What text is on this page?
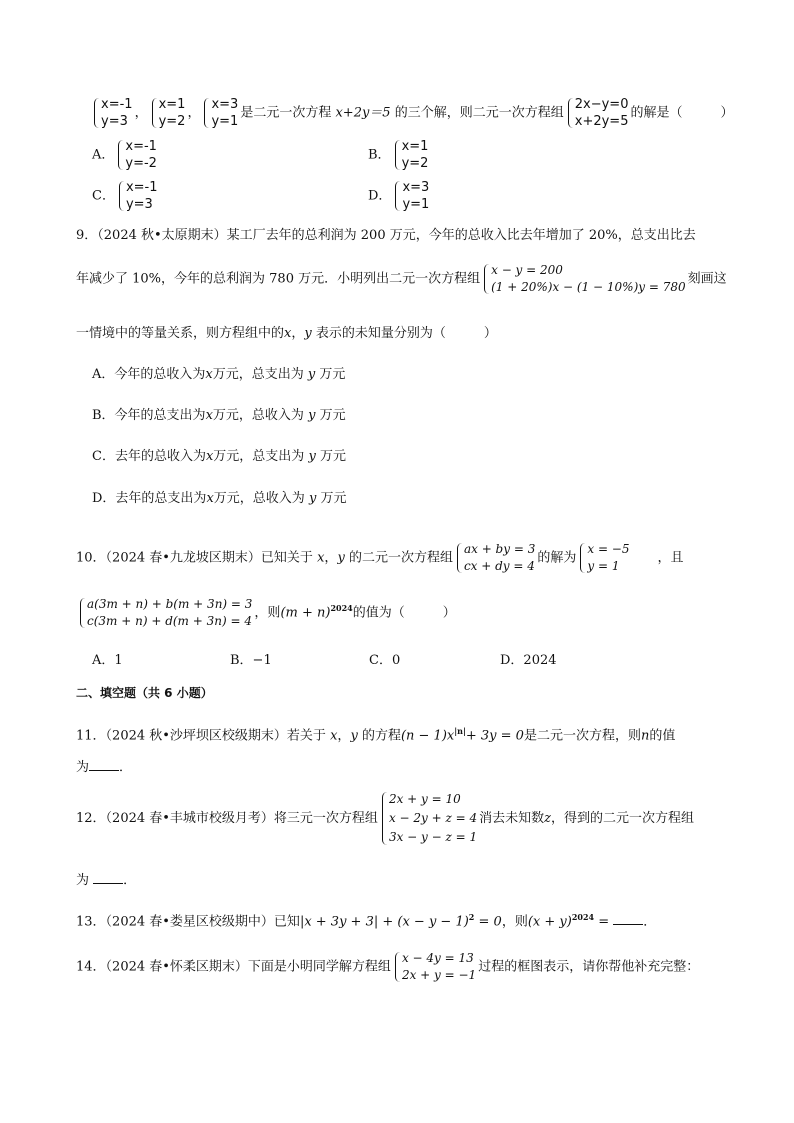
x=-1
y=3
，
x=1
y=2
，
x=3
y=1
是二元一次方程 x+2y＝5 的三个解，则二元一次方程组
2x−y=0
x+2y=5
的解是（	）
A．
x=-1
y=-2
B．
x=1
y=2
C．
x=-1
y=3
D．
x=3
y=1
9．（2024 秋•太原期末）某工厂去年的总利润为 200 万元，今年的总收入比去年增加了 20%，总支出比去
年减少了 10%，今年的总利润为 780 万元．小明列出二元一次方程组
x − y = 200
(1 + 20%)x − (1 − 10%)y = 780
刻画这
一情境中的等量关系，则方程组中的x，y 表示的未知量分别为（	）
A．今年的总收入为x万元，总支出为 y 万元
B．今年的总支出为x万元，总收入为 y 万元
C．去年的总收入为x万元，总支出为 y 万元
D．去年的总支出为x万元，总收入为 y 万元
10．（2024 春•九龙坡区期末）已知关于 x，y 的二元一次方程组
ax + by = 3
cx + dy = 4
的解为
x = −5
y = 1
，且
a(3m + n) + b(m + 3n) = 3
c(3m + n) + d(m + 3n) = 4
，则$(m + n)^{2024}$的值为（	）
A．1	B．−1	C．0	D．2024
二、填空题（共 6 小题）
11．（2024 秋•沙坪坝区校级期末）若关于 x，y 的方程$(n - 1)x^{|n|}+ 3y = 0$是二元一次方程，则n的值
为 ．
12．（2024 春•丰城市校级月考）将三元一次方程组
2x + y = 10
x − 2y + z = 4
3x − y − z = 1
消去未知数z，得到的二元一次方程组
为	．
13．（2024 春•娄星区校级期中）已知$|x + 3y + 3| + (x - y - 1)^2 = 0$，则$(x + y)^{2024}$ = ．
14．（2024 春•怀柔区期末）下面是小明同学解方程组
x − 4y = 13
2x + y = −1
过程的框图表示，请你帮他补充完整：
